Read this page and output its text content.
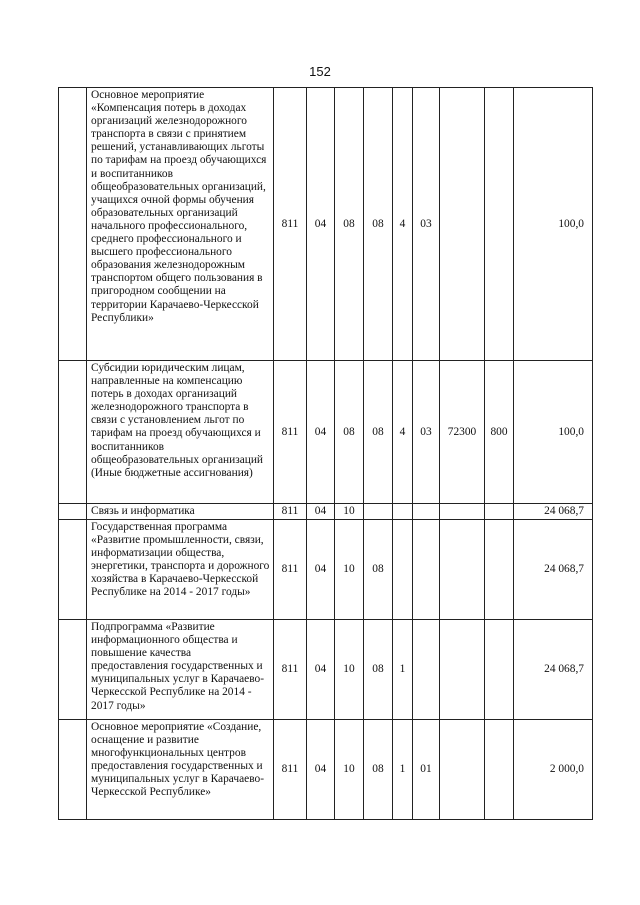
152
	Основное мероприятие «Компенсация потерь в доходах организаций железнодорожного транспорта в связи с принятием решений, устанавливающих льготы по тарифам на проезд обучающихся и воспитанников общеобразовательных организаций, учащихся очной формы обучения образовательных организаций начального профессионального, среднего профессионального и высшего профессионального образования железнодорожным транспортом общего пользования в пригородном сообщении на территории Карачаево-Черкесской Республики»	811	04	08	08	4	03			100,0
	Субсидии юридическим лицам, направленные на компенсацию потерь в доходах организаций железнодорожного транспорта в связи с установлением льгот по тарифам на проезд обучающихся и воспитанников общеобразовательных организаций (Иные бюджетные ассигнования)	811	04	08	08	4	03	72300	800	100,0
	Связь и информатика	811	04	10						24 068,7
	Государственная программа «Развитие промышленности, связи, информатизации общества, энергетики, транспорта и дорожного хозяйства в Карачаево-Черкесской Республике на 2014 - 2017 годы»	811	04	10	08					24 068,7
	Подпрограмма «Развитие информационного общества и повышение качества предоставления государственных и муниципальных услуг в Карачаево-Черкесской Республике на 2014 - 2017 годы»	811	04	10	08	1				24 068,7
	Основное мероприятие «Создание, оснащение и развитие многофункциональных центров предоставления государственных и муниципальных услуг в Карачаево-Черкесской Республике»	811	04	10	08	1	01			2 000,0
